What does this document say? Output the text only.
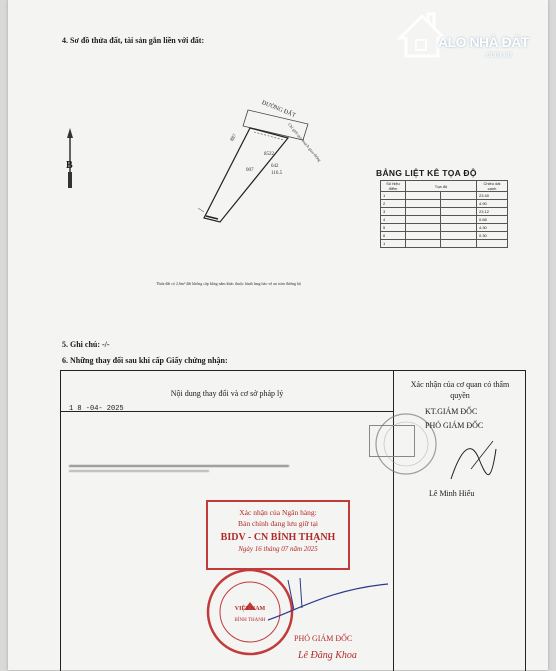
4. Sơ đồ thửa đất, tài sản gắn liền với đất:	ALO NHÀ ĐẤT
.com.vn
ĐƯỜNG ĐẤT
Chỉ giới quy hoạch giao thông
B
8522
642
116.5
007
887
BẢNG LIỆT KÊ TỌA ĐỘ
Số hiệu điểm	Tọa độ		Chiều dài cạnh
1			23.40
2			4.90
3			23.12
4			0.68
5			4.30
6			0.30
1			
Thửa đất có 2,6m² đất không cấp bằng nằm khác thuộc hành lang bảo vệ an toàn đường bộ
5. Ghi chú: -/-
6. Những thay đổi sau khi cấp Giấy chứng nhận:
Nội dung thay đổi và cơ sở pháp lý
Xác nhận của cơ quan có thẩm quyền
1 8 -04- 2025	KT.GIÁM ĐỐC
PHÓ GIÁM ĐỐC
Lê Minh Hiếu
Xác nhận của Ngân hàng:
Bản chính đang lưu giữ tại
BIDV - CN BÌNH THẠNH
Ngày 16 tháng 07 năm 2025
VIỆT NAM
BÌNH THẠNH
PHÓ GIÁM ĐỐC
Lê Đăng Khoa
